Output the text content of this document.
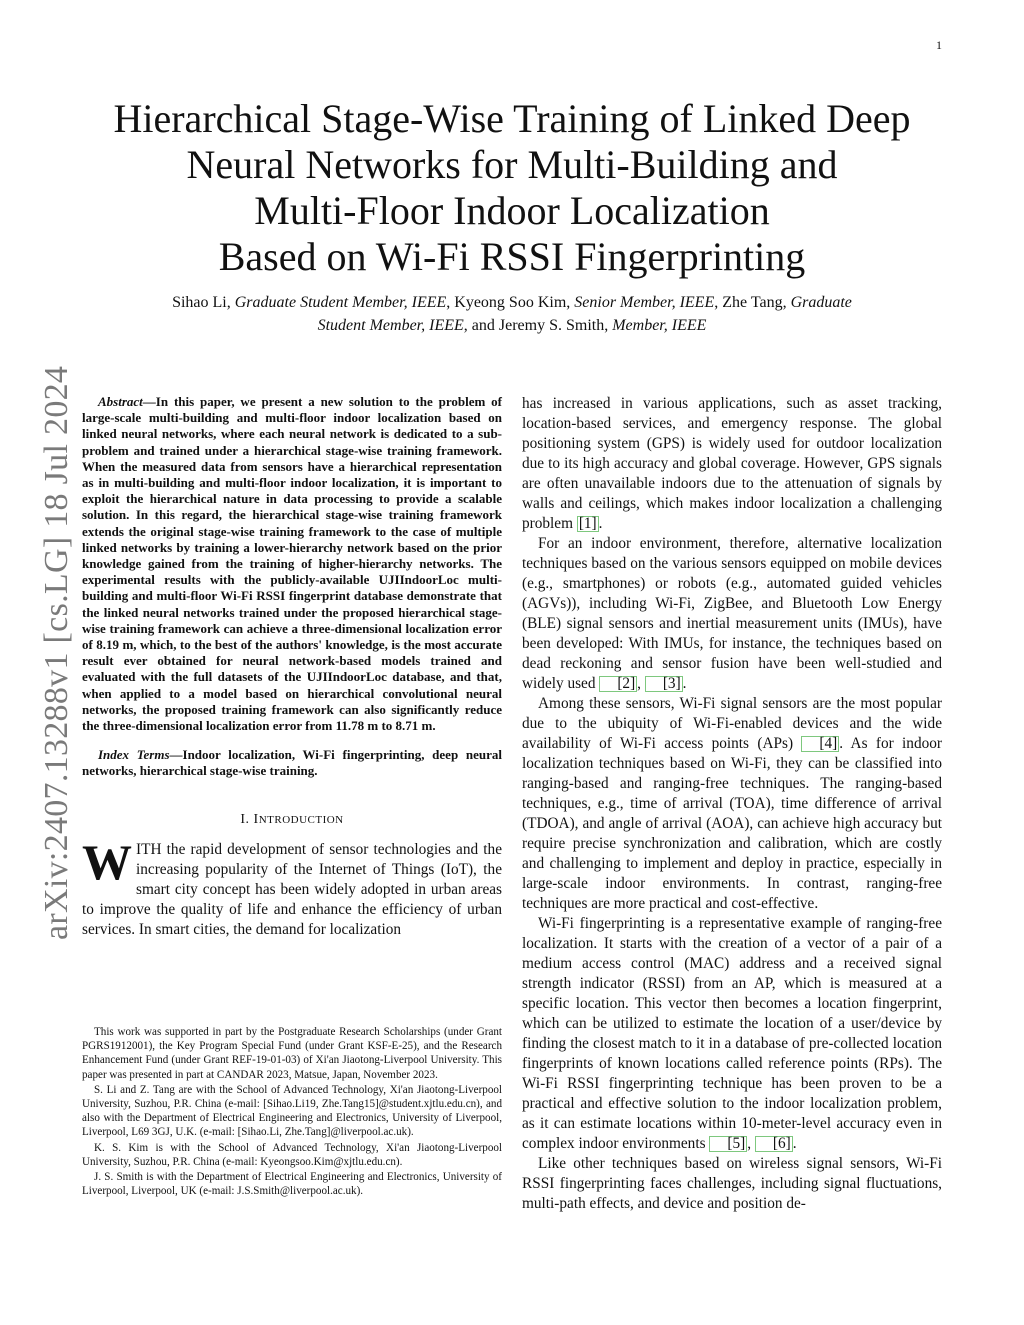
1
arXiv:2407.13288v1 [cs.LG] 18 Jul 2024
Hierarchical Stage-Wise Training of Linked Deep
Neural Networks for Multi-Building and
Multi-Floor Indoor Localization
Based on Wi-Fi RSSI Fingerprinting
Sihao Li, Graduate Student Member, IEEE, Kyeong Soo Kim, Senior Member, IEEE, Zhe Tang, Graduate
Student Member, IEEE, and Jeremy S. Smith, Member, IEEE

Abstract—In this paper, we present a new solution to the problem of large-scale multi-building and multi-floor indoor localization based on linked neural networks, where each neural network is dedicated to a sub-problem and trained under a hierarchical stage-wise training framework. When the measured data from sensors have a hierarchical representation as in multi-building and multi-floor indoor localization, it is important to exploit the hierarchical nature in data processing to provide a scalable solution. In this regard, the hierarchical stage-wise training framework extends the original stage-wise training framework to the case of multiple linked networks by training a lower-hierarchy network based on the prior knowledge gained from the training of higher-hierarchy networks. The experimental results with the publicly-available UJIIndoorLoc multi-building and multi-floor Wi-Fi RSSI fingerprint database demonstrate that the linked neural networks trained under the proposed hierarchical stage-wise training framework can achieve a three-dimensional localization error of 8.19 m, which, to the best of the authors' knowledge, is the most accurate result ever obtained for neural network-based models trained and evaluated with the full datasets of the UJIIndoorLoc database, and that, when applied to a model based on hierarchical convolutional neural networks, the proposed training framework can also significantly reduce the three-dimensional localization error from 11.78 m to 8.71 m.

Index Terms—Indoor localization, Wi-Fi fingerprinting, deep neural networks, hierarchical stage-wise training.

I. INTRODUCTION

WITH the rapid development of sensor technologies and the increasing popularity of the Internet of Things (IoT), the smart city concept has been widely adopted in urban areas to improve the quality of life and enhance the efficiency of urban services. In smart cities, the demand for localization

This work was supported in part by the Postgraduate Research Scholarships (under Grant PGRS1912001), the Key Program Special Fund (under Grant KSF-E-25), and the Research Enhancement Fund (under Grant REF-19-01-03) of Xi'an Jiaotong-Liverpool University. This paper was presented in part at CANDAR 2023, Matsue, Japan, November 2023.

S. Li and Z. Tang are with the School of Advanced Technology, Xi'an Jiaotong-Liverpool University, Suzhou, P.R. China (e-mail: [Sihao.Li19, Zhe.Tang15]@student.xjtlu.edu.cn), and also with the Department of Electrical Engineering and Electronics, University of Liverpool, Liverpool, L69 3GJ, U.K. (e-mail: [Sihao.Li, Zhe.Tang]@liverpool.ac.uk).

K. S. Kim is with the School of Advanced Technology, Xi'an Jiaotong-Liverpool University, Suzhou, P.R. China (e-mail: Kyeongsoo.Kim@xjtlu.edu.cn).

J. S. Smith is with the Department of Electrical Engineering and Electronics, University of Liverpool, Liverpool, UK (e-mail: J.S.Smith@liverpool.ac.uk).

has increased in various applications, such as asset tracking, location-based services, and emergency response. The global positioning system (GPS) is widely used for outdoor localization due to its high accuracy and global coverage. However, GPS signals are often unavailable indoors due to the attenuation of signals by walls and ceilings, which makes indoor localization a challenging problem [1] .

For an indoor environment, therefore, alternative localization techniques based on the various sensors equipped on mobile devices (e.g., smartphones) or robots (e.g., automated guided vehicles (AGVs)), including Wi-Fi, ZigBee, and Bluetooth Low Energy (BLE) signal sensors and inertial measurement units (IMUs), have been developed: With IMUs, for instance, the techniques based on dead reckoning and sensor fusion have been well-studied and widely used [2] , [3] .

Among these sensors, Wi-Fi signal sensors are the most popular due to the ubiquity of Wi-Fi-enabled devices and the wide availability of Wi-Fi access points (APs) [4] . As for indoor localization techniques based on Wi-Fi, they can be classified into ranging-based and ranging-free techniques. The ranging-based techniques, e.g., time of arrival (TOA), time difference of arrival (TDOA), and angle of arrival (AOA), can achieve high accuracy but require precise synchronization and calibration, which are costly and challenging to implement and deploy in practice, especially in large-scale indoor environments. In contrast, ranging-free techniques are more practical and cost-effective.

Wi-Fi fingerprinting is a representative example of ranging-free localization. It starts with the creation of a vector of a pair of a medium access control (MAC) address and a received signal strength indicator (RSSI) from an AP, which is measured at a specific location. This vector then becomes a location fingerprint, which can be utilized to estimate the location of a user/device by finding the closest match to it in a database of pre-collected location fingerprints of known locations called reference points (RPs). The Wi-Fi RSSI fingerprinting technique has been proven to be a practical and effective solution to the indoor localization problem, as it can estimate locations within 10-meter-level accuracy even in complex indoor environments [5] , [6] .

Like other techniques based on wireless signal sensors, Wi-Fi RSSI fingerprinting faces challenges, including signal fluctuations, multi-path effects, and device and position de-
